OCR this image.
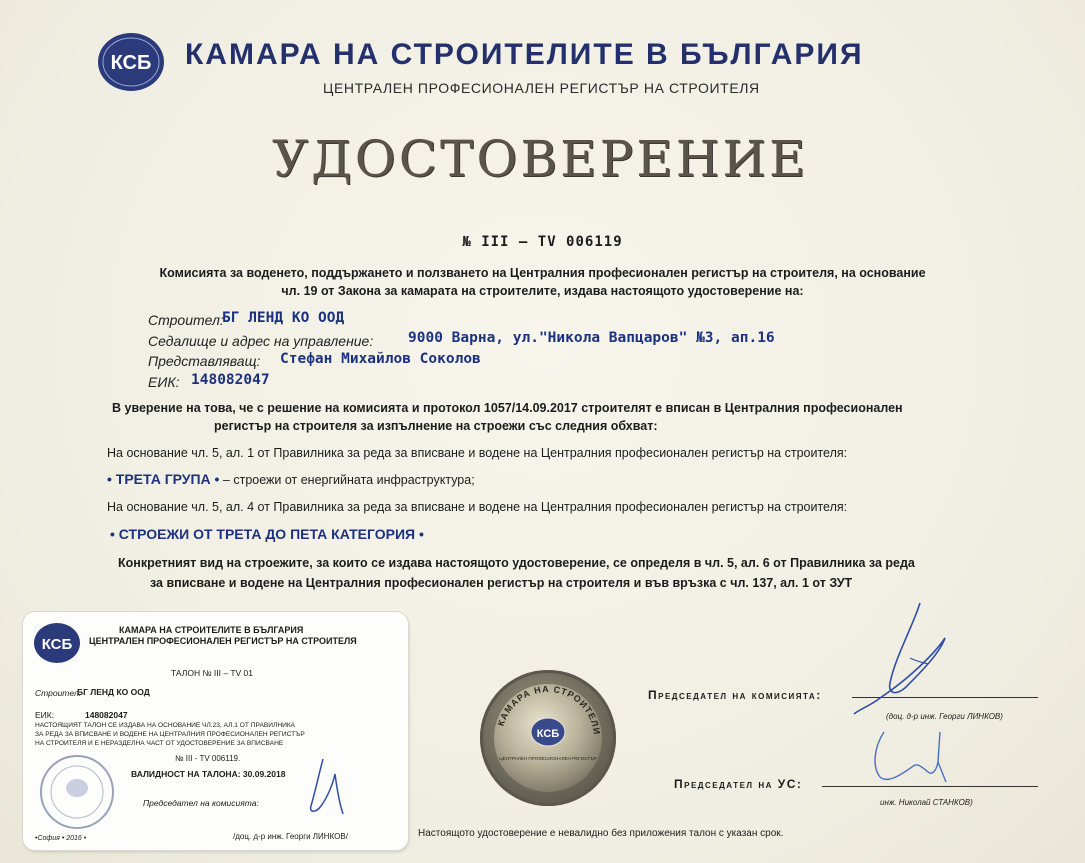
КСБ КАМАРА НА СТРОИТЕЛИТЕ В БЪЛГАРИЯ
ЦЕНТРАЛЕН ПРОФЕСИОНАЛЕН РЕГИСТЪР НА СТРОИТЕЛЯ
УДОСТОВЕРЕНИЕ
№ III – TV 006119
Комисията за воденето, поддържането и ползването на Централния професионален регистър на строителя, на основание
чл. 19 от Закона за камарата на строителите, издава настоящото удостоверение на:
Строител:
БГ ЛЕНД КО ООД
Седалище и адрес на управление: 9000 Варна, ул."Никола Вапцаров" №3, ап.16
Представляващ: Стефан Михайлов Соколов
ЕИК: 148082047
В уверение на това, че с решение на комисията и протокол 1057/14.09.2017 строителят е вписан в Централния професионален
регистър на строителя за изпълнение на строежи със следния обхват:
На основание чл. 5, ал. 1 от Правилника за реда за вписване и водене на Централния професионален регистър на строителя:
• ТРЕТА ГРУПА • – строежи от енергийната инфраструктура;
На основание чл. 5, ал. 4 от Правилника за реда за вписване и водене на Централния професионален регистър на строителя:
• СТРОЕЖИ ОТ ТРЕТА ДО ПЕТА КАТЕГОРИЯ •
Конкретният вид на строежите, за които се издава настоящото удостоверение, се определя в чл. 5, ал. 6 от Правилника за реда
за вписване и водене на Централния професионален регистър на строителя и във връзка с чл. 137, ал. 1 от ЗУТ
КАМАРА НА СТРОИТЕЛИ
КСБ
ЦЕНТРАЛЕН ПРОФЕСИОНАЛЕН РЕГИСТЪР
Председател на комисията:
(доц. д-р инж. Георги ЛИНКОВ)
Председател на УС:
инж. Николай СТАНКОВ)
Настоящото удостоверение е невалидно без приложения талон с указан срок.
КСБ
КАМАРА НА СТРОИТЕЛИТЕ В БЪЛГАРИЯ
ЦЕНТРАЛЕН ПРОФЕСИОНАЛЕН РЕГИСТЪР НА СТРОИТЕЛЯ
ТАЛОН № III – TV 01
Строител:
БГ ЛЕНД КО ООД
ЕИК:	148082047
НАСТОЯЩИЯТ ТАЛОН СЕ ИЗДАВА НА ОСНОВАНИЕ ЧЛ.23, АЛ.1 ОТ ПРАВИЛНИКА
ЗА РЕДА ЗА ВПИСВАНЕ И ВОДЕНЕ НА ЦЕНТРАЛНИЯ ПРОФЕСИОНАЛЕН РЕГИСТЪР
НА СТРОИТЕЛЯ И Е НЕРАЗДЕЛНА ЧАСТ ОТ УДОСТОВЕРЕНИЕ ЗА ВПИСВАНЕ
№ III - TV 006119.
ВАЛИДНОСТ НА ТАЛОНА: 30.09.2018
Председател на комисията:
/доц. д-р инж. Георги ЛИНКОВ/
•София • 2016 •
